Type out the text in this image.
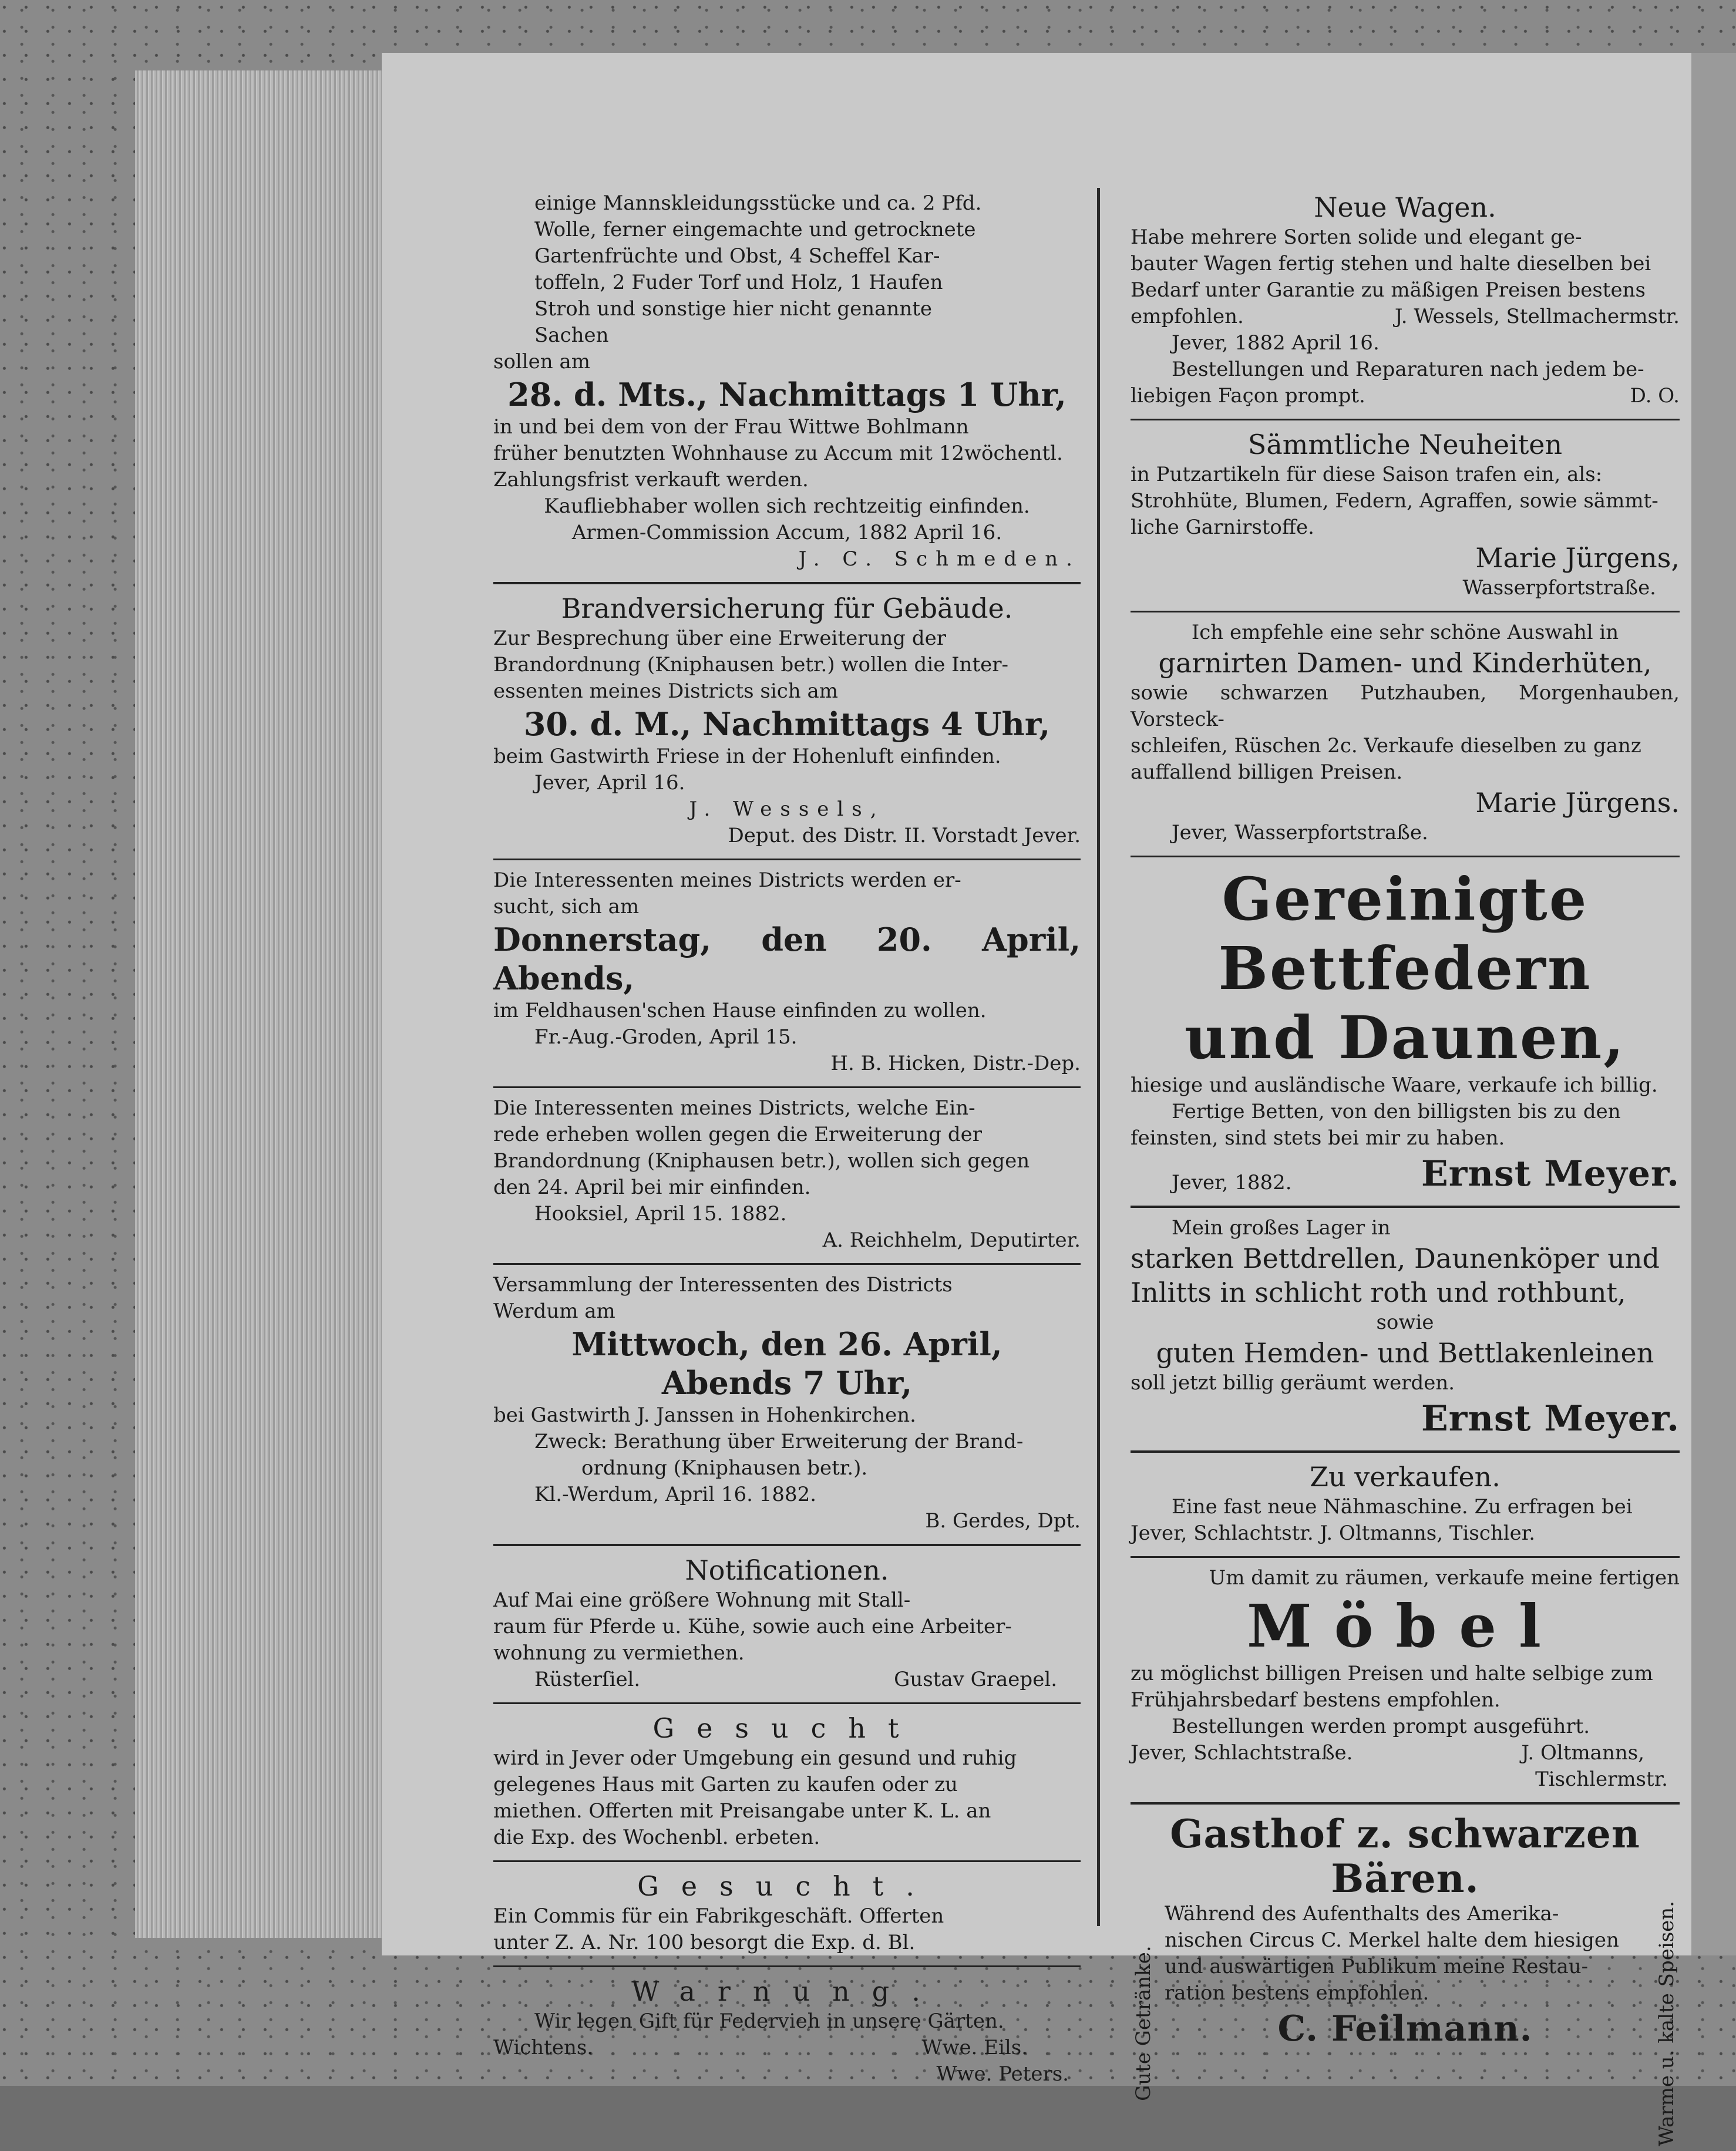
einige Mannskleidungsstücke und ca. 2 Pfd.

Wolle, ferner eingemachte und getrocknete

Gartenfrüchte und Obst, 4 Scheffel Kar-

toffeln, 2 Fuder Torf und Holz, 1 Haufen

Stroh und sonstige hier nicht genannte

Sachen

sollen am

28. d. Mts., Nachmittags 1 Uhr,

in und bei dem von der Frau Wittwe Bohlmann

früher benutzten Wohnhause zu Accum mit 12wöchentl.

Zahlungsfrist verkauft werden.

Kaufliebhaber wollen sich rechtzeitig einfinden.

Armen-Commission Accum, 1882 April 16.

J. C. Schmeden.

Brandversicherung für Gebäude.

Zur Besprechung über eine Erweiterung der

Brandordnung (Kniphausen betr.) wollen die Inter-

essenten meines Districts sich am

30. d. M., Nachmittags 4 Uhr,

beim Gastwirth Friese in der Hohenluft einfinden.

Jever, April 16.

J. Wessels,

Deput. des Distr. II. Vorstadt Jever.

Die Interessenten meines Districts werden er-

sucht, sich am

Donnerstag, den 20. April, Abends,

im Feldhausen'schen Hause einfinden zu wollen.

Fr.-Aug.-Groden, April 15.

H. B. Hicken, Distr.-Dep.

Die Interessenten meines Districts, welche Ein-

rede erheben wollen gegen die Erweiterung der

Brandordnung (Kniphausen betr.), wollen sich gegen

den 24. April bei mir einfinden.

Hooksiel, April 15. 1882.

A. Reichhelm, Deputirter.

Versammlung der Interessenten des Districts

Werdum am

Mittwoch, den 26. April,

Abends 7 Uhr,

bei Gastwirth J. Janssen in Hohenkirchen.

Zweck: Berathung über Erweiterung der Brand-

ordnung (Kniphausen betr.).

Kl.-Werdum, April 16. 1882.

B. Gerdes, Dpt.

Notificationen.

Auf Mai eine größere Wohnung mit Stall-

raum für Pferde u. Kühe, sowie auch eine Arbeiter-

wohnung zu vermiethen.

Rüsterſiel.	Gustav Graepel.

Gesucht

wird in Jever oder Umgebung ein gesund und ruhig

gelegenes Haus mit Garten zu kaufen oder zu

miethen. Offerten mit Preisangabe unter K. L. an

die Exp. des Wochenbl. erbeten.

Gesucht.

Ein Commis für ein Fabrikgeschäft. Offerten

unter Z. A. Nr. 100 besorgt die Exp. d. Bl.

Warnung.

Wir legen Gift für Federvieh in unsere Gärten.

Wichtens.	Wwe. Eils.

Wwe. Peters.

Neue Wagen.

Habe mehrere Sorten solide und elegant ge-

bauter Wagen fertig stehen und halte dieselben bei

Bedarf unter Garantie zu mäßigen Preisen bestens

empfohlen.	J. Wessels, Stellmachermstr.

Jever, 1882 April 16.

Bestellungen und Reparaturen nach jedem be-

liebigen Façon prompt.	D. O.

Sämmtliche Neuheiten

in Putzartikeln für diese Saison trafen ein, als:

Strohhüte, Blumen, Federn, Agraffen, sowie sämmt-

liche Garnirstoffe.

Marie Jürgens,

Wasserpfortstraße.

Ich empfehle eine sehr schöne Auswahl in

garnirten Damen- und Kinderhüten,

sowie schwarzen Putzhauben, Morgenhauben, Vorsteck-

schleifen, Rüschen 2c. Verkaufe dieselben zu ganz

auffallend billigen Preisen.

Marie Jürgens.

Jever, Wasserpfortstraße.

Gereinigte Bettfedern

und Daunen,

hiesige und ausländische Waare, verkaufe ich billig.

Fertige Betten, von den billigsten bis zu den

feinsten, sind stets bei mir zu haben.

Jever, 1882.	Ernst Meyer.

Mein großes Lager in

starken Bettdrellen, Daunenköper und

Inlitts in schlicht roth und rothbunt,

sowie

guten Hemden- und Bettlakenleinen

soll jetzt billig geräumt werden.

Ernst Meyer.

Zu verkaufen.

Eine fast neue Nähmaschine. Zu erfragen bei

Jever, Schlachtstr. J. Oltmanns, Tischler.

Um damit zu räumen, verkaufe meine fertigen

Möbel

zu möglichst billigen Preisen und halte selbige zum

Frühjahrsbedarf bestens empfohlen.

Bestellungen werden prompt ausgeführt.

Jever, Schlachtstraße.	J. Oltmanns,

Tischlermstr.

Gasthof z. schwarzen Bären.

Gute Getränke.

Während des Aufenthalts des Amerika-

nischen Circus C. Merkel halte dem hiesigen

und auswärtigen Publikum meine Restau-

ration bestens empfohlen.

C. Feilmann.	Warme u. kalte Speisen.
